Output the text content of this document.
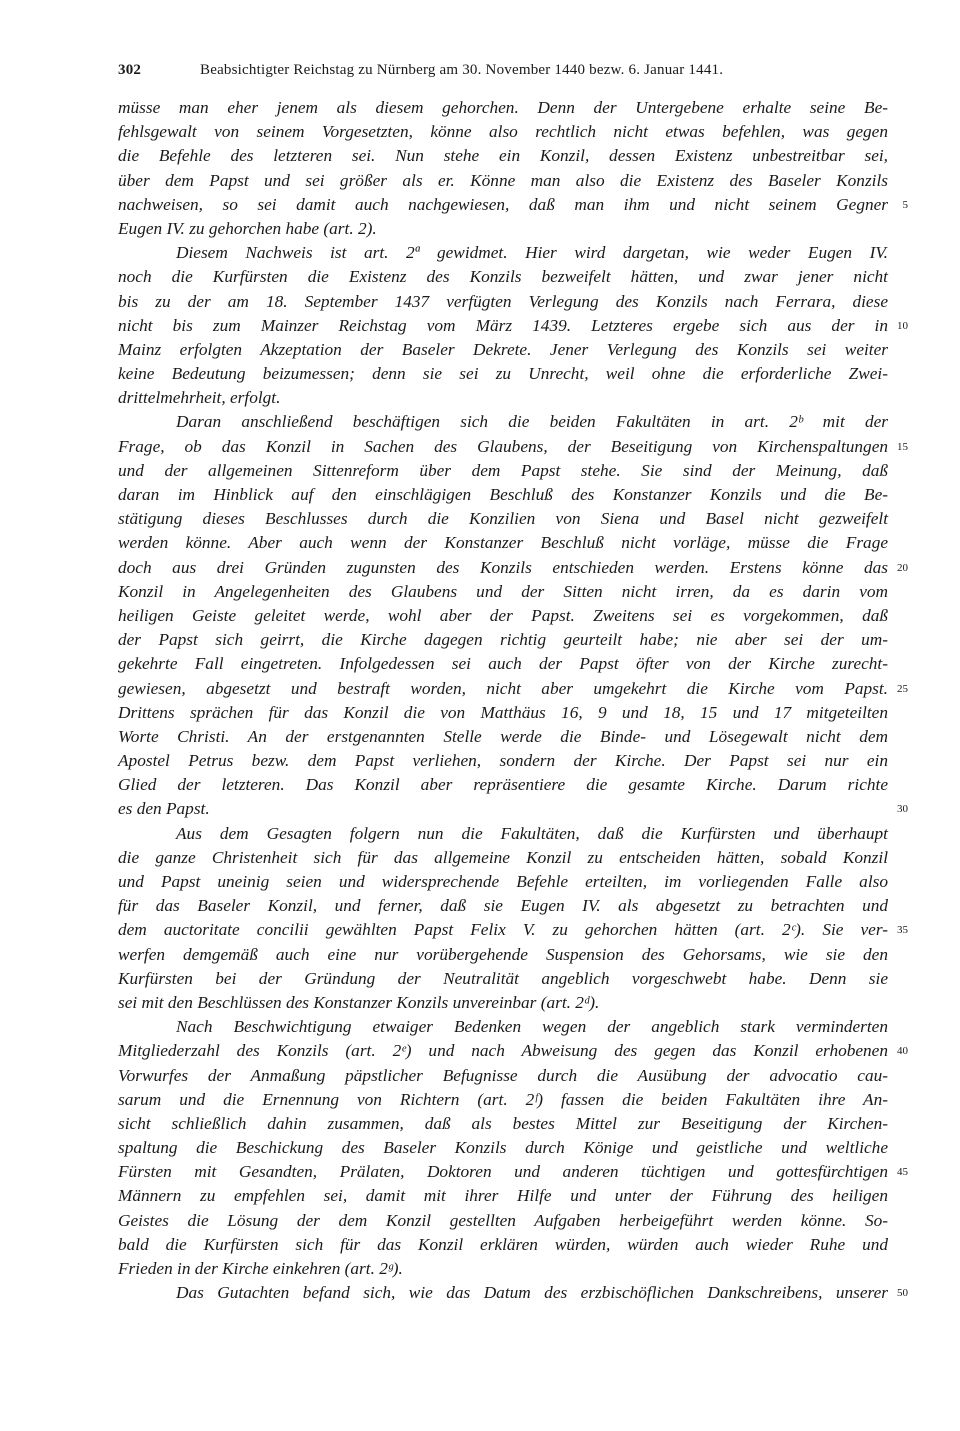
302	Beabsichtigter Reichstag zu Nürnberg am 30. November 1440 bezw. 6. Januar 1441.
müsse man eher jenem als diesem gehorchen. Denn der Untergebene erhalte seine Be-
fehlsgewalt von seinem Vorgesetzten, könne also rechtlich nicht etwas befehlen, was gegen
die Befehle des letzteren sei. Nun stehe ein Konzil, dessen Existenz unbestreitbar sei,
über dem Papst und sei größer als er. Könne man also die Existenz des Baseler Konzils
nachweisen, so sei damit auch nachgewiesen, daß man ihm und nicht seinem Gegner 5
Eugen IV. zu gehorchen habe (art. 2).
Diesem Nachweis ist art. 2ª gewidmet. Hier wird dargetan, wie weder Eugen IV.
noch die Kurfürsten die Existenz des Konzils bezweifelt hätten, und zwar jener nicht
bis zu der am 18. September 1437 verfügten Verlegung des Konzils nach Ferrara, diese
nicht bis zum Mainzer Reichstag vom März 1439. Letzteres ergebe sich aus der in 10
Mainz erfolgten Akzeptation der Baseler Dekrete. Jener Verlegung des Konzils sei weiter
keine Bedeutung beizumessen; denn sie sei zu Unrecht, weil ohne die erforderliche Zwei-
drittelmehrheit, erfolgt.
Daran anschließend beschäftigen sich die beiden Fakultäten in art. 2ᵇ mit der
Frage, ob das Konzil in Sachen des Glaubens, der Beseitigung von Kirchenspaltungen 15
und der allgemeinen Sittenreform über dem Papst stehe. Sie sind der Meinung, daß
daran im Hinblick auf den einschlägigen Beschluß des Konstanzer Konzils und die Be-
stätigung dieses Beschlusses durch die Konzilien von Siena und Basel nicht gezweifelt
werden könne. Aber auch wenn der Konstanzer Beschluß nicht vorläge, müsse die Frage
doch aus drei Gründen zugunsten des Konzils entschieden werden. Erstens könne das 20
Konzil in Angelegenheiten des Glaubens und der Sitten nicht irren, da es darin vom
heiligen Geiste geleitet werde, wohl aber der Papst. Zweitens sei es vorgekommen, daß
der Papst sich geirrt, die Kirche dagegen richtig geurteilt habe; nie aber sei der um-
gekehrte Fall eingetreten. Infolgedessen sei auch der Papst öfter von der Kirche zurecht-
gewiesen, abgesetzt und bestraft worden, nicht aber umgekehrt die Kirche vom Papst. 25
Drittens sprächen für das Konzil die von Matthäus 16, 9 und 18, 15 und 17 mitgeteilten
Worte Christi. An der erstgenannten Stelle werde die Binde- und Lösegewalt nicht dem
Apostel Petrus bezw. dem Papst verliehen, sondern der Kirche. Der Papst sei nur ein
Glied der letzteren. Das Konzil aber repräsentiere die gesamte Kirche. Darum richte
es den Papst.	30
Aus dem Gesagten folgern nun die Fakultäten, daß die Kurfürsten und überhaupt
die ganze Christenheit sich für das allgemeine Konzil zu entscheiden hätten, sobald Konzil
und Papst uneinig seien und widersprechende Befehle erteilten, im vorliegenden Falle also
für das Baseler Konzil, und ferner, daß sie Eugen IV. als abgesetzt zu betrachten und
dem auctoritate concilii gewählten Papst Felix V. zu gehorchen hätten (art. 2ᶜ). Sie ver- 35
werfen demgemäß auch eine nur vorübergehende Suspension des Gehorsams, wie sie den
Kurfürsten bei der Gründung der Neutralität angeblich vorgeschwebt habe. Denn sie
sei mit den Beschlüssen des Konstanzer Konzils unvereinbar (art. 2ᵈ).
Nach Beschwichtigung etwaiger Bedenken wegen der angeblich stark verminderten
Mitgliederzahl des Konzils (art. 2ᵉ) und nach Abweisung des gegen das Konzil erhobenen 40
Vorwurfes der Anmaßung päpstlicher Befugnisse durch die Ausübung der advocatio cau-
sarum und die Ernennung von Richtern (art. 2ᶠ) fassen die beiden Fakultäten ihre An-
sicht schließlich dahin zusammen, daß als bestes Mittel zur Beseitigung der Kirchen-
spaltung die Beschickung des Baseler Konzils durch Könige und geistliche und weltliche
Fürsten mit Gesandten, Prälaten, Doktoren und anderen tüchtigen und gottesfürchtigen 45
Männern zu empfehlen sei, damit mit ihrer Hilfe und unter der Führung des heiligen
Geistes die Lösung der dem Konzil gestellten Aufgaben herbeigeführt werden könne. So-
bald die Kurfürsten sich für das Konzil erklären würden, würden auch wieder Ruhe und
Frieden in der Kirche einkehren (art. 2ᵍ).
Das Gutachten befand sich, wie das Datum des erzbischöflichen Dankschreibens, unserer 50
